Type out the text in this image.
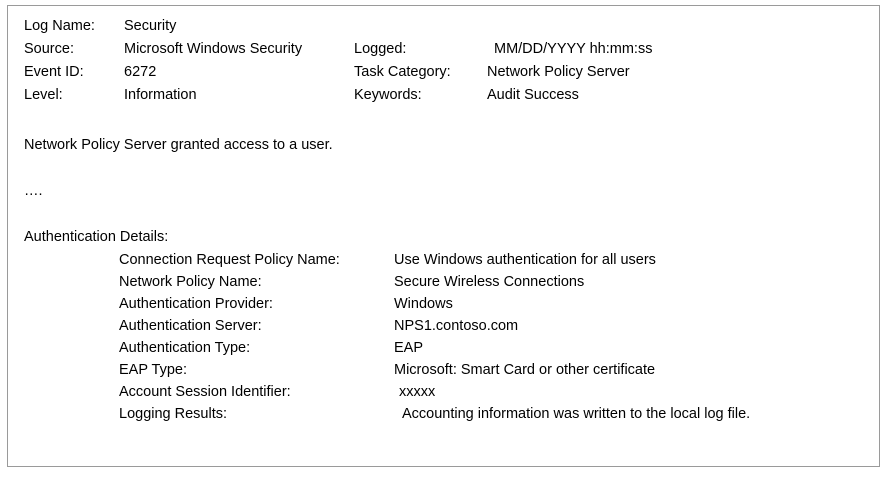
Log Name:	Security
Source:	Microsoft Windows Security	Logged:	MM/DD/YYYY hh:mm:ss
Event ID:	6272	Task Category:	Network Policy Server
Level:	Information	Keywords:	Audit Success
Network Policy Server granted access to a user.
….
Authentication Details:
Connection Request Policy Name:	Use Windows authentication for all users
Network Policy Name:	Secure Wireless Connections
Authentication Provider:	Windows
Authentication Server:	NPS1.contoso.com
Authentication Type:	EAP
EAP Type:	Microsoft: Smart Card or other certificate
Account Session Identifier:	xxxxx
Logging Results:	Accounting information was written to the local log file.
